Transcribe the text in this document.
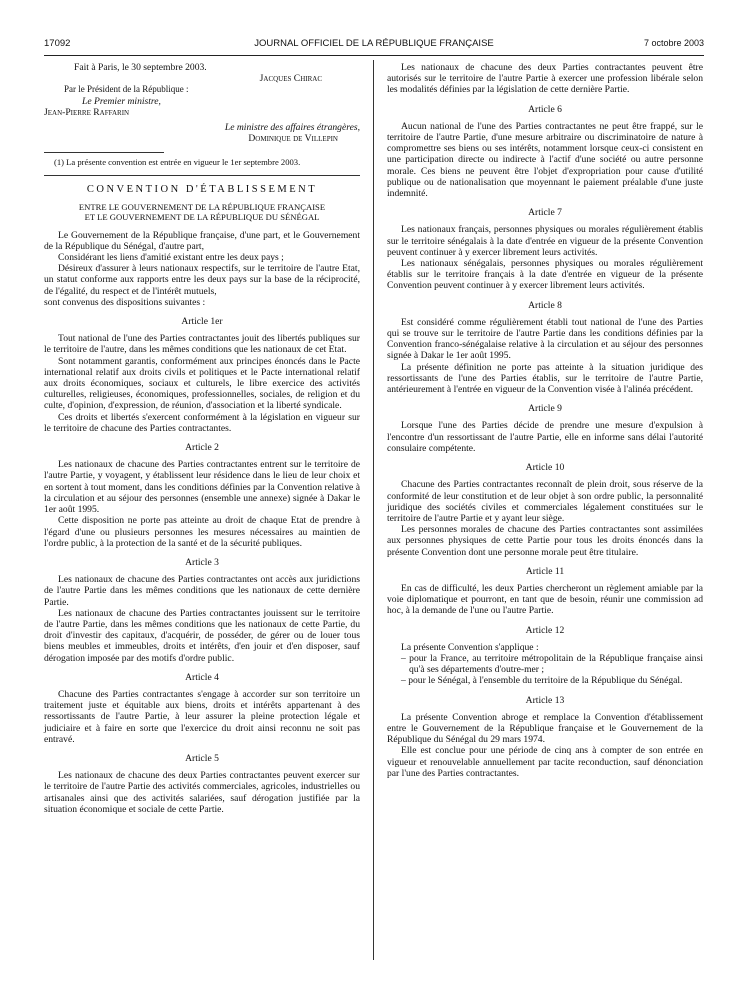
17092	JOURNAL OFFICIEL DE LA RÉPUBLIQUE FRANÇAISE	7 octobre 2003

Fait à Paris, le 30 septembre 2003.

Jacques Chirac

Par le Président de la République :

Le Premier ministre,

Jean-Pierre Raffarin

Le ministre des affaires étrangères,

Dominique de Villepin

(1) La présente convention est entrée en vigueur le 1er septembre 2003.

CONVENTION D'ÉTABLISSEMENT

ENTRE LE GOUVERNEMENT DE LA RÉPUBLIQUE FRANÇAISE
ET LE GOUVERNEMENT DE LA RÉPUBLIQUE DU SÉNÉGAL

Le Gouvernement de la République française, d'une part, et le Gouvernement de la République du Sénégal, d'autre part,

Considérant les liens d'amitié existant entre les deux pays ;

Désireux d'assurer à leurs nationaux respectifs, sur le territoire de l'autre Etat, un statut conforme aux rapports entre les deux pays sur la base de la réciprocité, de l'égalité, du respect et de l'intérêt mutuels,

sont convenus des dispositions suivantes :

Article 1er

Tout national de l'une des Parties contractantes jouit des libertés publiques sur le territoire de l'autre, dans les mêmes conditions que les nationaux de cet Etat.

Sont notamment garantis, conformément aux principes énoncés dans le Pacte international relatif aux droits civils et politiques et le Pacte international relatif aux droits économiques, sociaux et culturels, le libre exercice des activités culturelles, religieuses, économiques, professionnelles, sociales, de religion et du culte, d'opinion, d'expression, de réunion, d'association et la liberté syndicale.

Ces droits et libertés s'exercent conformément à la législation en vigueur sur le territoire de chacune des Parties contractantes.

Article 2

Les nationaux de chacune des Parties contractantes entrent sur le territoire de l'autre Partie, y voyagent, y établissent leur résidence dans le lieu de leur choix et en sortent à tout moment, dans les conditions définies par la Convention relative à la circulation et au séjour des personnes (ensemble une annexe) signée à Dakar le 1er août 1995.

Cette disposition ne porte pas atteinte au droit de chaque Etat de prendre à l'égard d'une ou plusieurs personnes les mesures nécessaires au maintien de l'ordre public, à la protection de la santé et de la sécurité publiques.

Article 3

Les nationaux de chacune des Parties contractantes ont accès aux juridictions de l'autre Partie dans les mêmes conditions que les nationaux de cette dernière Partie.

Les nationaux de chacune des Parties contractantes jouissent sur le territoire de l'autre Partie, dans les mêmes conditions que les nationaux de cette Partie, du droit d'investir des capitaux, d'acquérir, de posséder, de gérer ou de louer tous biens meubles et immeubles, droits et intérêts, d'en jouir et d'en disposer, sauf dérogation imposée par des motifs d'ordre public.

Article 4

Chacune des Parties contractantes s'engage à accorder sur son territoire un traitement juste et équitable aux biens, droits et intérêts appartenant à des ressortissants de l'autre Partie, à leur assurer la pleine protection légale et judiciaire et à faire en sorte que l'exercice du droit ainsi reconnu ne soit pas entravé.

Article 5

Les nationaux de chacune des deux Parties contractantes peuvent exercer sur le territoire de l'autre Partie des activités commerciales, agricoles, industrielles ou artisanales ainsi que des activités salariées, sauf dérogation justifiée par la situation économique et sociale de cette Partie.

Les nationaux de chacune des deux Parties contractantes peuvent être autorisés sur le territoire de l'autre Partie à exercer une profession libérale selon les modalités définies par la législation de cette dernière Partie.

Article 6

Aucun national de l'une des Parties contractantes ne peut être frappé, sur le territoire de l'autre Partie, d'une mesure arbitraire ou discriminatoire de nature à compromettre ses biens ou ses intérêts, notamment lorsque ceux-ci consistent en une participation directe ou indirecte à l'actif d'une société ou autre personne morale. Ces biens ne peuvent être l'objet d'expropriation pour cause d'utilité publique ou de nationalisation que moyennant le paiement préalable d'une juste indemnité.

Article 7

Les nationaux français, personnes physiques ou morales régulièrement établis sur le territoire sénégalais à la date d'entrée en vigueur de la présente Convention peuvent continuer à y exercer librement leurs activités.

Les nationaux sénégalais, personnes physiques ou morales régulièrement établis sur le territoire français à la date d'entrée en vigueur de la présente Convention peuvent continuer à y exercer librement leurs activités.

Article 8

Est considéré comme régulièrement établi tout national de l'une des Parties qui se trouve sur le territoire de l'autre Partie dans les conditions définies par la Convention franco-sénégalaise relative à la circulation et au séjour des personnes signée à Dakar le 1er août 1995.

La présente définition ne porte pas atteinte à la situation juridique des ressortissants de l'une des Parties établis, sur le territoire de l'autre Partie, antérieurement à l'entrée en vigueur de la Convention visée à l'alinéa précédent.

Article 9

Lorsque l'une des Parties décide de prendre une mesure d'expulsion à l'encontre d'un ressortissant de l'autre Partie, elle en informe sans délai l'autorité consulaire compétente.

Article 10

Chacune des Parties contractantes reconnaît de plein droit, sous réserve de la conformité de leur constitution et de leur objet à son ordre public, la personnalité juridique des sociétés civiles et commerciales légalement constituées sur le territoire de l'autre Partie et y ayant leur siège.

Les personnes morales de chacune des Parties contractantes sont assimilées aux personnes physiques de cette Partie pour tous les droits énoncés dans la présente Convention dont une personne morale peut être titulaire.

Article 11

En cas de difficulté, les deux Parties chercheront un règlement amiable par la voie diplomatique et pourront, en tant que de besoin, réunir une commission ad hoc, à la demande de l'une ou l'autre Partie.

Article 12

La présente Convention s'applique :

– pour la France, au territoire métropolitain de la République française ainsi qu'à ses départements d'outre-mer ;
– pour le Sénégal, à l'ensemble du territoire de la République du Sénégal.

Article 13

La présente Convention abroge et remplace la Convention d'établissement entre le Gouvernement de la République française et le Gouvernement de la République du Sénégal du 29 mars 1974.

Elle est conclue pour une période de cinq ans à compter de son entrée en vigueur et renouvelable annuellement par tacite reconduction, sauf dénonciation par l'une des Parties contractantes.
